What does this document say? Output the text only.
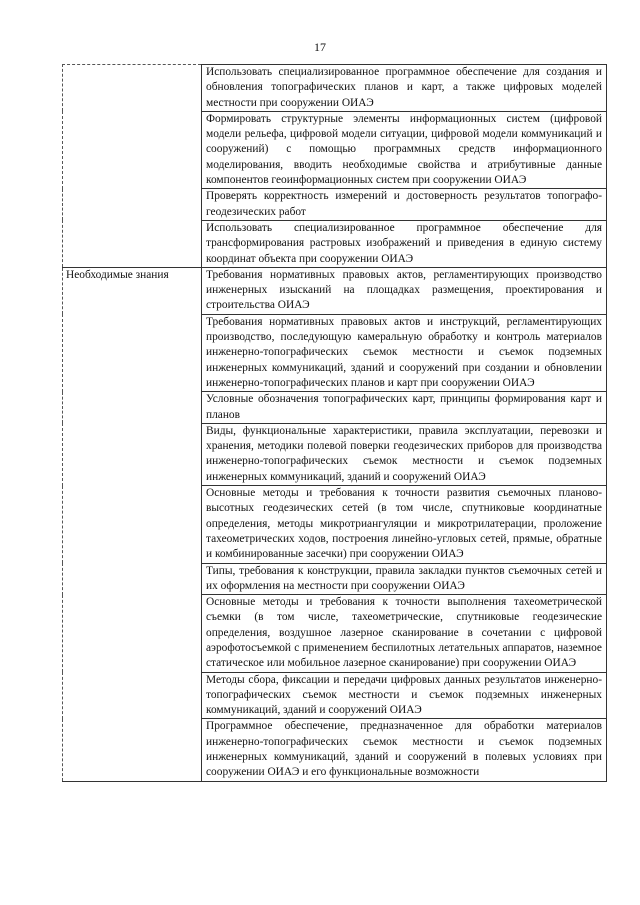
17
	Использовать специализированное программное обеспечение для создания и обновления топографических планов и карт, а также цифровых моделей местности при сооружении ОИАЭ
	Формировать структурные элементы информационных систем (цифровой модели рельефа, цифровой модели ситуации, цифровой модели коммуникаций и сооружений) с помощью программных средств информационного моделирования, вводить необходимые свойства и атрибутивные данные компонентов геоинформационных систем при сооружении ОИАЭ
	Проверять корректность измерений и достоверность результатов топографо-геодезических работ
	Использовать специализированное программное обеспечение для трансформирования растровых изображений и приведения в единую систему координат объекта при сооружении ОИАЭ
Необходимые знания	Требования нормативных правовых актов, регламентирующих производство инженерных изысканий на площадках размещения, проектирования и строительства ОИАЭ
	Требования нормативных правовых актов и инструкций, регламентирующих производство, последующую камеральную обработку и контроль материалов инженерно-топографических съемок местности и съемок подземных инженерных коммуникаций, зданий и сооружений при создании и обновлении инженерно-топографических планов и карт при сооружении ОИАЭ
	Условные обозначения топографических карт, принципы формирования карт и планов
	Виды, функциональные характеристики, правила эксплуатации, перевозки и хранения, методики полевой поверки геодезических приборов для производства инженерно-топографических съемок местности и съемок подземных инженерных коммуникаций, зданий и сооружений ОИАЭ
	Основные методы и требования к точности развития съемочных планово-высотных геодезических сетей (в том числе, спутниковые координатные определения, методы микротриангуляции и микротрилатерации, проложение тахеометрических ходов, построения линейно-угловых сетей, прямые, обратные и комбинированные засечки) при сооружении ОИАЭ
	Типы, требования к конструкции, правила закладки пунктов съемочных сетей и их оформления на местности при сооружении ОИАЭ
	Основные методы и требования к точности выполнения тахеометрической съемки (в том числе, тахеометрические, спутниковые геодезические определения, воздушное лазерное сканирование в сочетании с цифровой аэрофотосъемкой с применением беспилотных летательных аппаратов, наземное статическое или мобильное лазерное сканирование) при сооружении ОИАЭ
	Методы сбора, фиксации и передачи цифровых данных результатов инженерно-топографических съемок местности и съемок подземных инженерных коммуникаций, зданий и сооружений ОИАЭ
	Программное обеспечение, предназначенное для обработки материалов инженерно-топографических съемок местности и съемок подземных инженерных коммуникаций, зданий и сооружений в полевых условиях при сооружении ОИАЭ и его функциональные возможности
